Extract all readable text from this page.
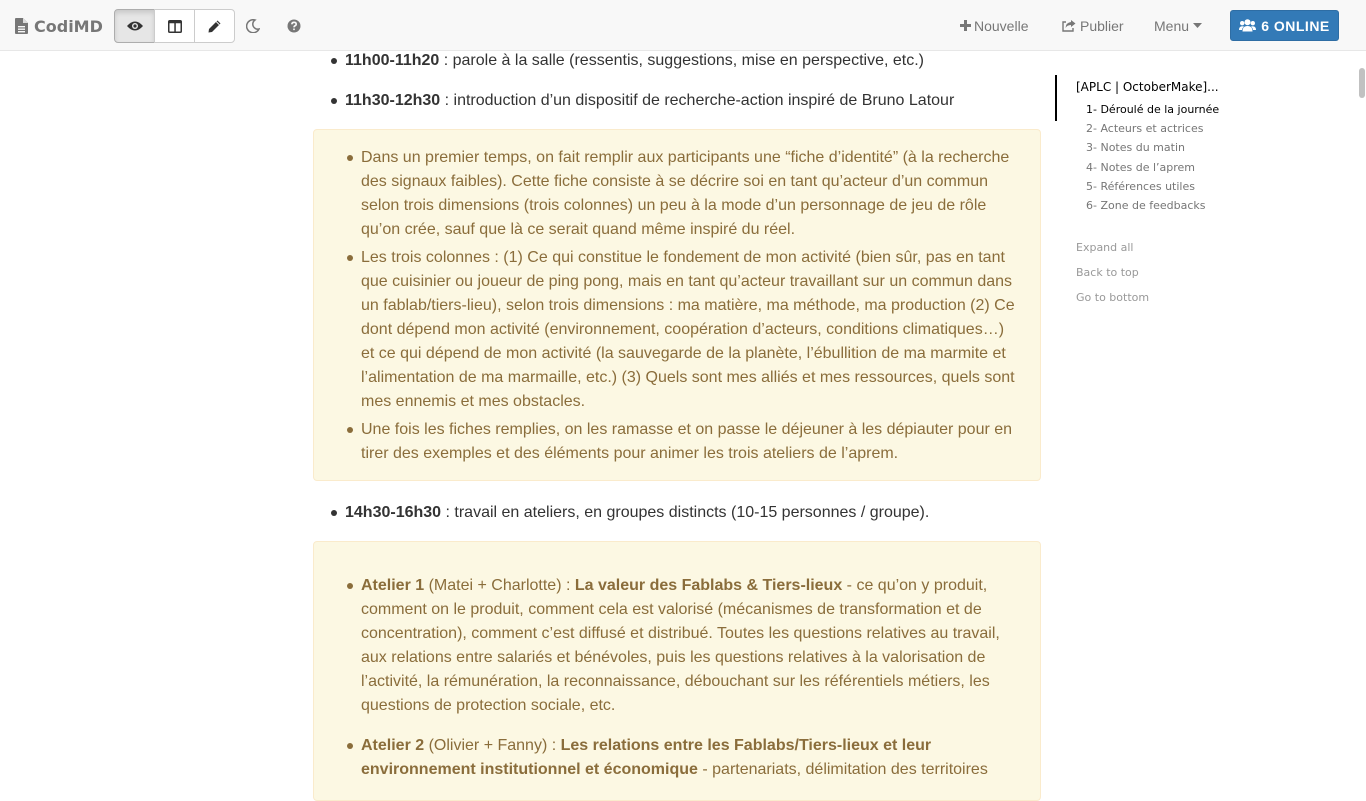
CodiMD	Nouvelle	Publier Menu	6 ONLINE
11h00-11h20 : parole à la salle (ressentis, suggestions, mise en perspective, etc.)
11h30-12h30 : introduction d’un dispositif de recherche-action inspiré de Bruno Latour
Dans un premier temps, on fait remplir aux participants une “fiche d’identité” (à la recherche des signaux faibles). Cette fiche consiste à se décrire soi en tant qu’acteur d’un commun selon trois dimensions (trois colonnes) un peu à la mode d’un personnage de jeu de rôle qu’on crée, sauf que là ce serait quand même inspiré du réel.
Les trois colonnes : (1) Ce qui constitue le fondement de mon activité (bien sûr, pas en tant que cuisinier ou joueur de ping pong, mais en tant qu’acteur travaillant sur un commun dans un fablab/tiers-lieu), selon trois dimensions : ma matière, ma méthode, ma production (2) Ce dont dépend mon activité (environnement, coopération d’acteurs, conditions climatiques…) et ce qui dépend de mon activité (la sauvegarde de la planète, l’ébullition de ma marmite et l’alimentation de ma marmaille, etc.) (3) Quels sont mes alliés et mes ressources, quels sont mes ennemis et mes obstacles.
Une fois les fiches remplies, on les ramasse et on passe le déjeuner à les dépiauter pour en tirer des exemples et des éléments pour animer les trois ateliers de l’aprem.
14h30-16h30 : travail en ateliers, en groupes distincts (10-15 personnes / groupe).
Atelier 1 (Matei + Charlotte) : La valeur des Fablabs & Tiers-lieux - ce qu’on y produit, comment on le produit, comment cela est valorisé (mécanismes de transformation et de concentration), comment c’est diffusé et distribué. Toutes les questions relatives au travail, aux relations entre salariés et bénévoles, puis les questions relatives à la valorisation de l’activité, la rémunération, la reconnaissance, débouchant sur les référentiels métiers, les questions de protection sociale, etc.
Atelier 2 (Olivier + Fanny) : Les relations entre les Fablabs/Tiers-lieux et leur environnement institutionnel et économique - partenariats, délimitation des territoires
[APLC | OctoberMake]...
1- Déroulé de la journée
2- Acteurs et actrices
3- Notes du matin
4- Notes de l’aprem
5- Références utiles
6- Zone de feedbacks
Expand all
Back to top
Go to bottom
